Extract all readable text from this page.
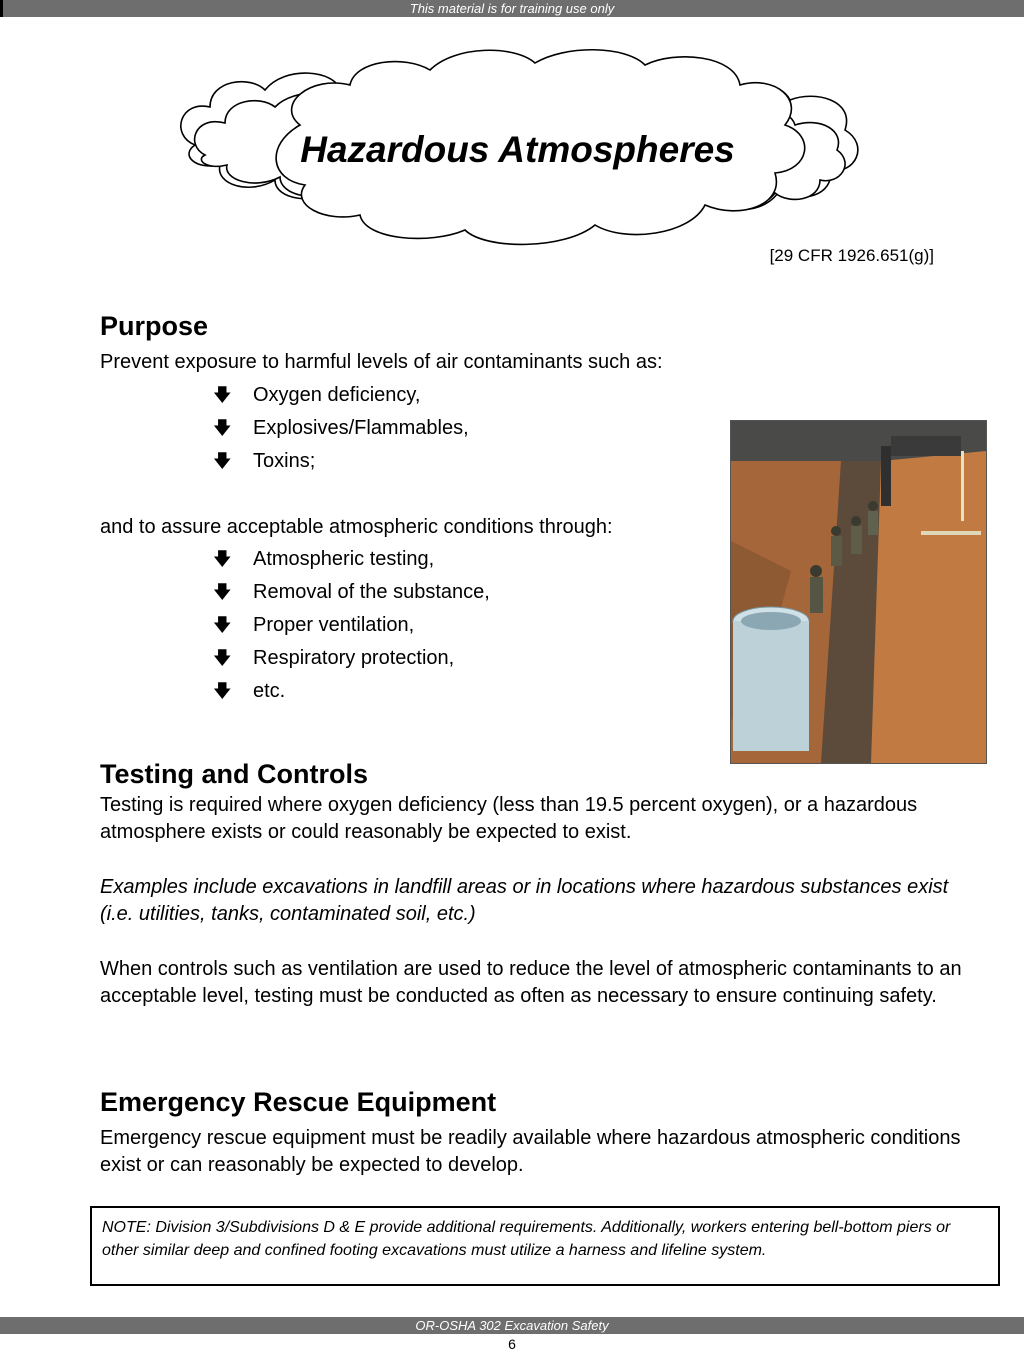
This material is for training use only
Hazardous Atmospheres
[29 CFR 1926.651(g)]
Purpose

Prevent exposure to harmful levels of air contaminants such as:

🡇	Oxygen deficiency,
🡇	Explosives/Flammables,
🡇	Toxins;

and to assure acceptable atmospheric conditions through:

🡇	Atmospheric testing,
🡇	Removal of the substance,
🡇	Proper ventilation,
🡇	Respiratory protection,
🡇	etc.
Testing and Controls

Testing is required where oxygen deficiency (less than 19.5 percent oxygen), or a hazardous atmosphere exists or could reasonably be expected to exist.

Examples include excavations in landfill areas or in locations where hazardous substances exist (i.e. utilities, tanks, contaminated soil, etc.)

When controls such as ventilation are used to reduce the level of atmospheric contaminants to an acceptable level, testing must be conducted as often as necessary to ensure continuing safety.

Emergency Rescue Equipment

Emergency rescue equipment must be readily available where hazardous atmospheric conditions exist or can reasonably be expected to develop.

NOTE: Division 3/Subdivisions D & E provide additional requirements. Additionally, workers entering bell-bottom piers or other similar deep and confined footing excavations must utilize a harness and lifeline system.
OR-OSHA 302 Excavation Safety
6
